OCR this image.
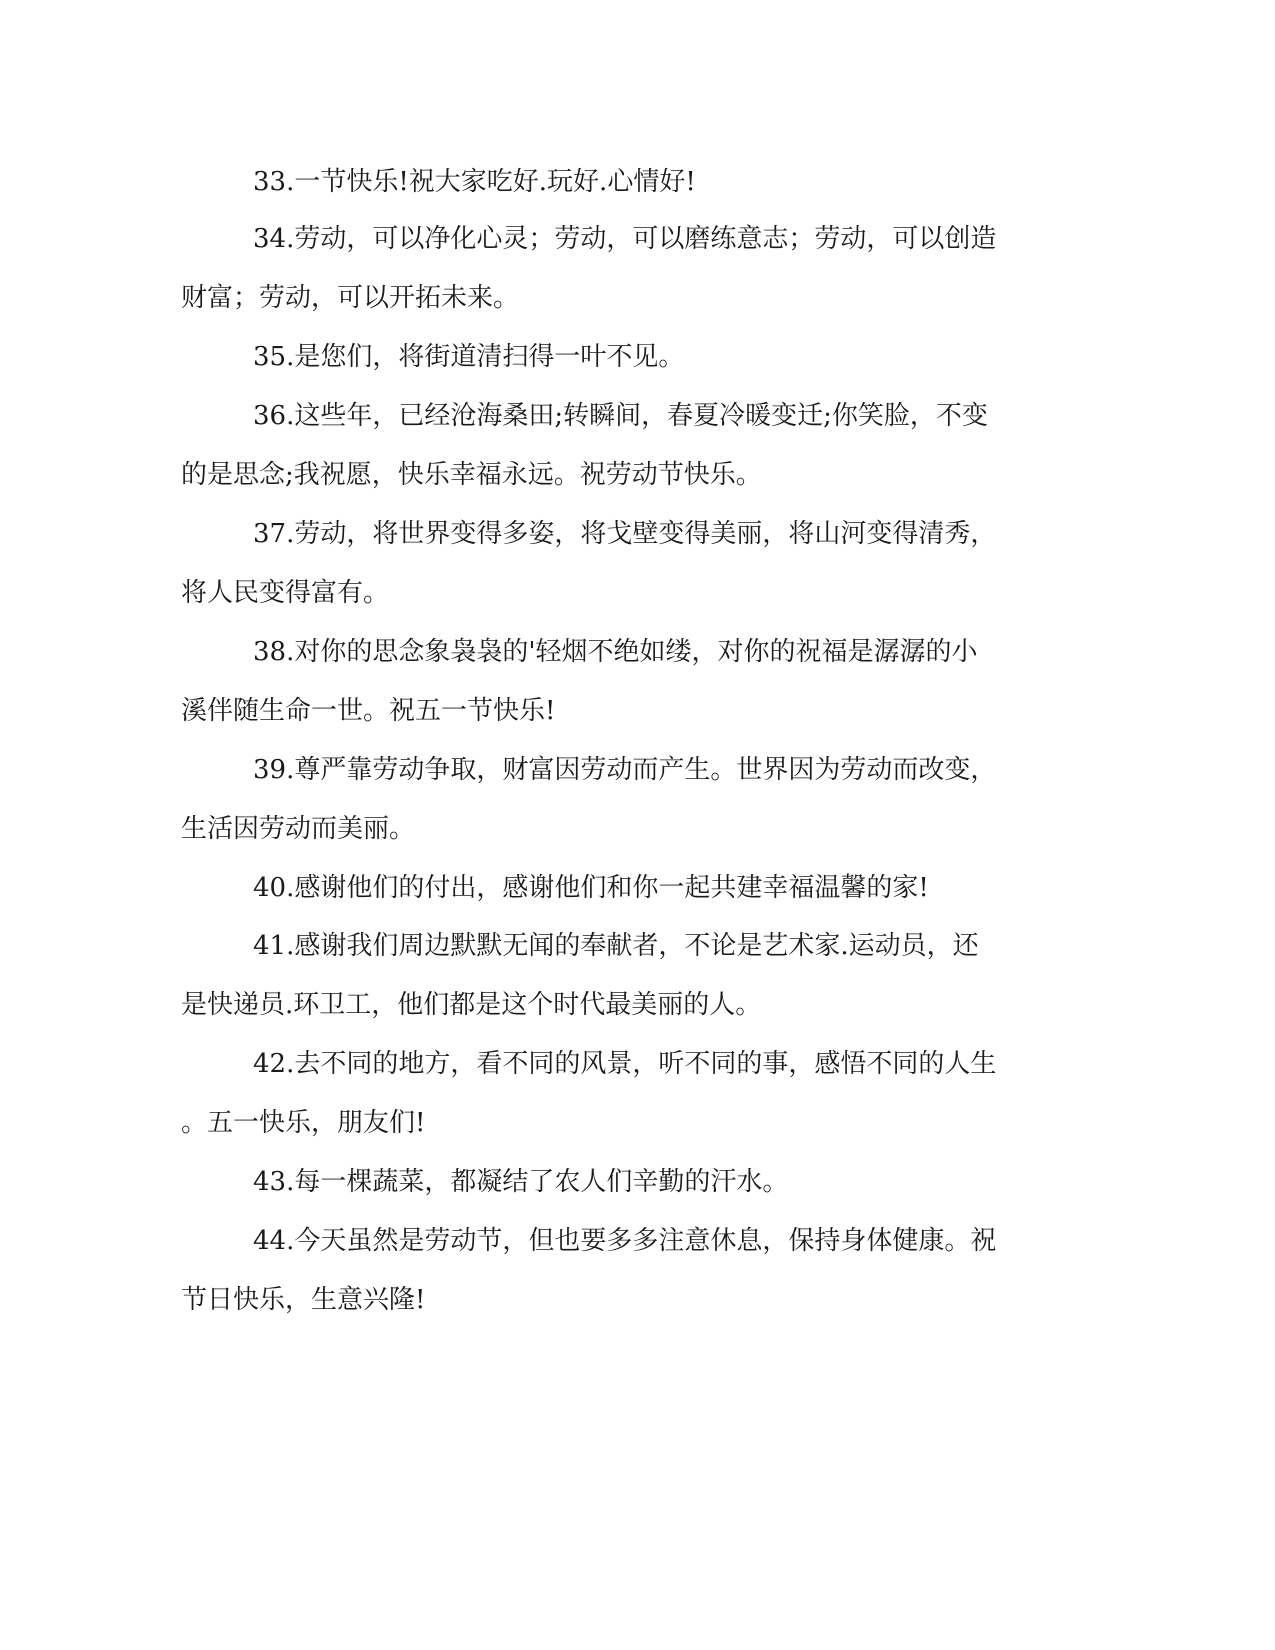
33.一节快乐!祝大家吃好.玩好.心情好!
34.劳动，可以净化心灵；劳动，可以磨练意志；劳动，可以创造
财富；劳动，可以开拓未来。
35.是您们，将街道清扫得一叶不见。
36.这些年，已经沧海桑田;转瞬间，春夏冷暖变迁;你笑脸，不变
的是思念;我祝愿，快乐幸福永远。祝劳动节快乐。
37.劳动，将世界变得多姿，将戈壁变得美丽，将山河变得清秀，
将人民变得富有。
38.对你的思念象袅袅的'轻烟不绝如缕，对你的祝福是潺潺的小
溪伴随生命一世。祝五一节快乐!
39.尊严靠劳动争取，财富因劳动而产生。世界因为劳动而改变，
生活因劳动而美丽。
40.感谢他们的付出，感谢他们和你一起共建幸福温馨的家!
41.感谢我们周边默默无闻的奉献者，不论是艺术家.运动员，还
是快递员.环卫工，他们都是这个时代最美丽的人。
42.去不同的地方，看不同的风景，听不同的事，感悟不同的人生
。五一快乐，朋友们!
43.每一棵蔬菜，都凝结了农人们辛勤的汗水。
44.今天虽然是劳动节，但也要多多注意休息，保持身体健康。祝
节日快乐，生意兴隆!
